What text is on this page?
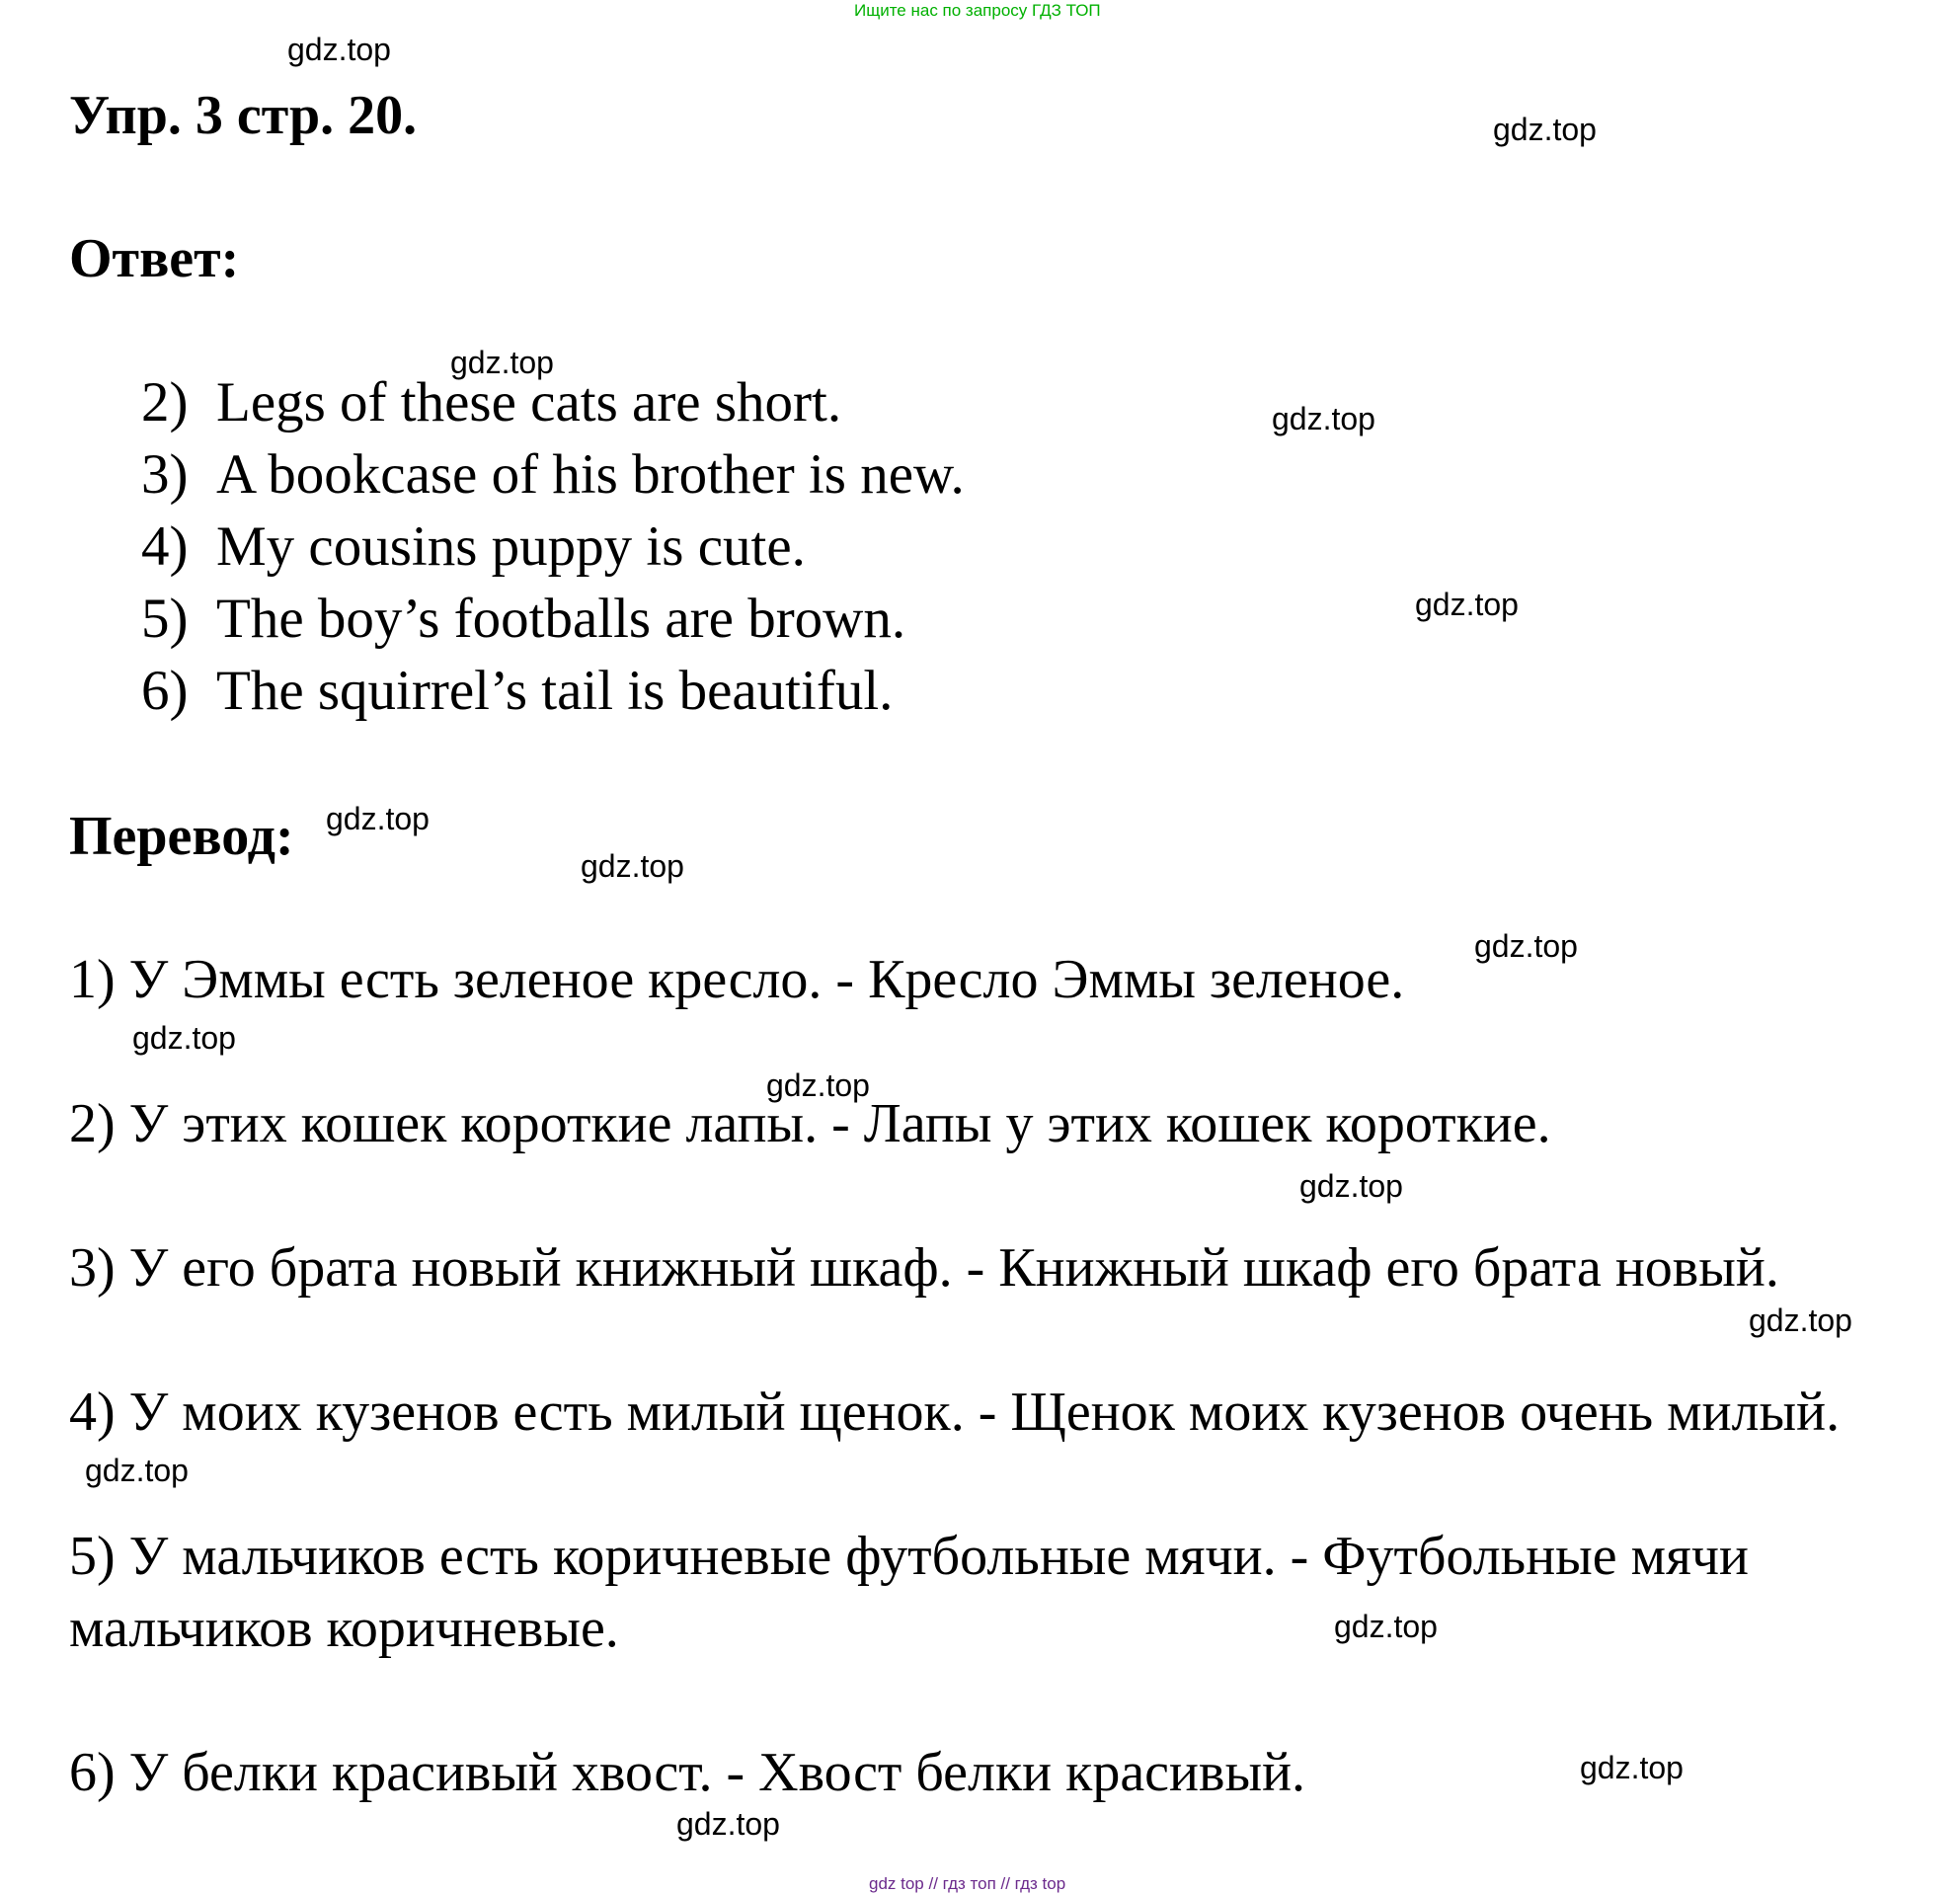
Ищите нас по запросу ГДЗ ТОП
Упр. 3 стр. 20.
Ответ:
2) Legs of these cats are short.
3) A bookcase of his brother is new.
4) My cousins puppy is cute.
5) The boy’s footballs are brown.
6) The squirrel’s tail is beautiful.
Перевод:
1) У Эммы есть зеленое кресло. - Кресло Эммы зеленое.
2) У этих кошек короткие лапы. - Лапы у этих кошек короткие.
3) У его брата новый книжный шкаф. - Книжный шкаф его брата новый.
4) У моих кузенов есть милый щенок. - Щенок моих кузенов очень милый.
5) У мальчиков есть коричневые футбольные мячи. - Футбольные мячи
мальчиков коричневые.
6) У белки красивый хвост. - Хвост белки красивый.
gdz.top
gdz.top
gdz.top
gdz.top
gdz.top
gdz.top
gdz.top
gdz.top
gdz.top
gdz.top
gdz.top
gdz.top
gdz.top
gdz.top
gdz.top
gdz.top
gdz top // гдз топ // гдз top
